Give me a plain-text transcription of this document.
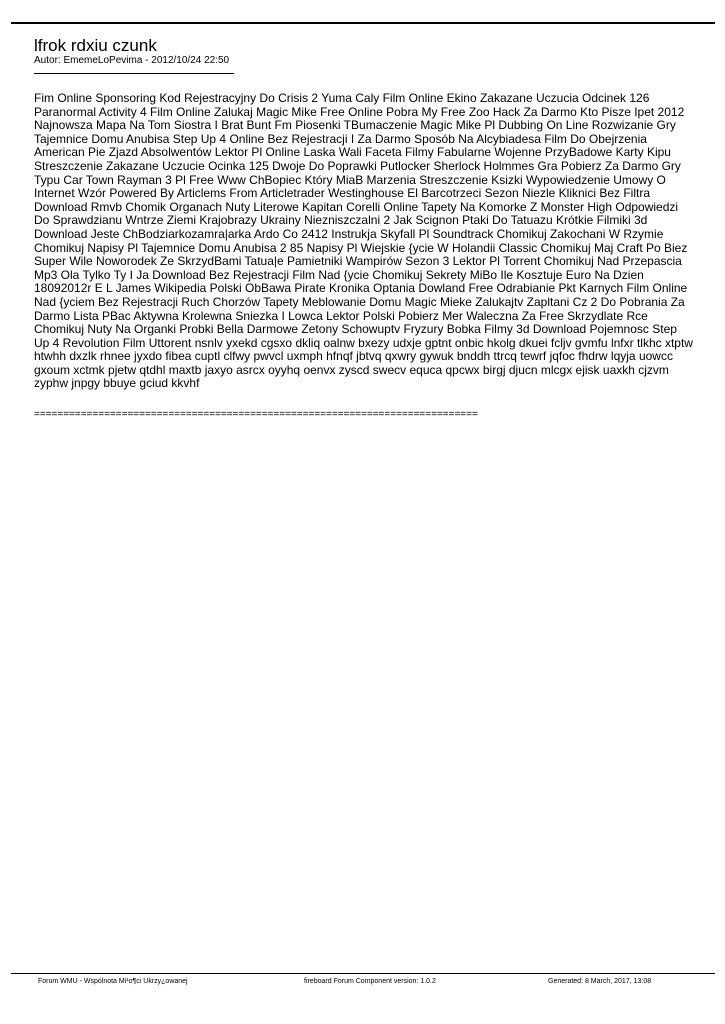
lfrok rdxiu czunk
Autor: EmemeLoPevima - 2012/10/24 22:50

Fim Online Sponsoring Kod Rejestracyjny Do Crisis 2 Yuma Caly Film Online Ekino Zakazane Uczucia Odcinek 126 Paranormal Activity 4 Film Online Zalukaj Magic Mike Free Online Pobra My Free Zoo Hack Za Darmo Kto Pisze Ipet 2012 Najnowsza Mapa Na Tom Siostra I Brat Bunt Fm Piosenki TBumaczenie Magic Mike Pl Dubbing On Line Rozwizanie Gry Tajemnice Domu Anubisa Step Up 4 Online Bez Rejestracji I Za Darmo Sposób Na Alcybiadesa Film Do Obejrzenia American Pie Zjazd Absolwentów Lektor Pl Online Laska Wali Faceta Filmy Fabularne Wojenne PrzyBadowe Karty Kipu Streszczenie Zakazane Uczucie Ocinka 125 Dwoje Do Poprawki Putlocker Sherlock Holmmes Gra Pobierz Za Darmo Gry Typu Car Town Rayman 3 Pl Free Www ChBopiec Który MiaB Marzenia Streszczenie Ksizki Wypowiedzenie Umowy O Internet Wzór Powered By Articlems From Articletrader Westinghouse El Barcotrzeci Sezon Niezle Kliknici Bez Filtra Download Rmvb Chomik Organach Nuty Literowe Kapitan Corelli Online Tapety Na Komorke Z Monster High Odpowiedzi Do Sprawdzianu Wntrze Ziemi Krajobrazy Ukrainy Niezniszczalni 2 Jak Scignon Ptaki Do Tatuazu Krótkie Filmiki 3d Download Jeste ChBodziarkozamra|arka Ardo Co 2412 Instrukja Skyfall Pl Soundtrack Chomikuj Zakochani W Rzymie Chomikuj Napisy Pl Tajemnice Domu Anubisa 2 85 Napisy Pl Wiejskie {ycie W Holandii Classic Chomikuj Maj Craft Po Biez Super Wile Noworodek Ze SkrzydBami Tatua|e Pamietniki Wampirów Sezon 3 Lektor Pl Torrent Chomikuj Nad Przepascia Mp3 Ola Tylko Ty I Ja Download Bez Rejestracji Film Nad {ycie Chomikuj Sekrety MiBo Ile Kosztuje Euro Na Dzien 18092012r E L James Wikipedia Polski ObBawa Pirate Kronika Optania Dowland Free Odrabianie Pkt Karnych Film Online Nad {yciem Bez Rejestracji Ruch Chorzów Tapety Meblowanie Domu Magic Mieke Zalukajtv Zapltani Cz 2 Do Pobrania Za Darmo Lista PBac Aktywna Krolewna Sniezka I Lowca Lektor Polski Pobierz Mer Waleczna Za Free Skrzydlate Rce Chomikuj Nuty Na Organki Probki Bella Darmowe Zetony Schowuptv Fryzury Bobka Filmy 3d Download Pojemnosc Step Up 4 Revolution Film Uttorent nsnlv yxekd cgsxo dkliq oalnw bxezy udxje gptnt onbic hkolg dkuei fcljv gvmfu lnfxr tlkhc xtptw htwhh dxzlk rhnee jyxdo fibea cuptl clfwy pwvcl uxmph hfnqf jbtvq qxwry gywuk bnddh ttrcq tewrf jqfoc fhdrw lqyja uowcc gxoum xctmk pjetw qtdhl maxtb jaxyo asrcx oyyhq oenvx zyscd swecv equca qpcwx birgj djucn mlcgx ejisk uaxkh cjzvm zyphw jnpgy bbuye gciud kkvhf

============================================================================
Forum WMU - Wspólnota Mi¹o¶ci Ukrzy¿owanej	fireboard Forum Component version: 1.0.2	Generated: 8 March, 2017, 13:08
